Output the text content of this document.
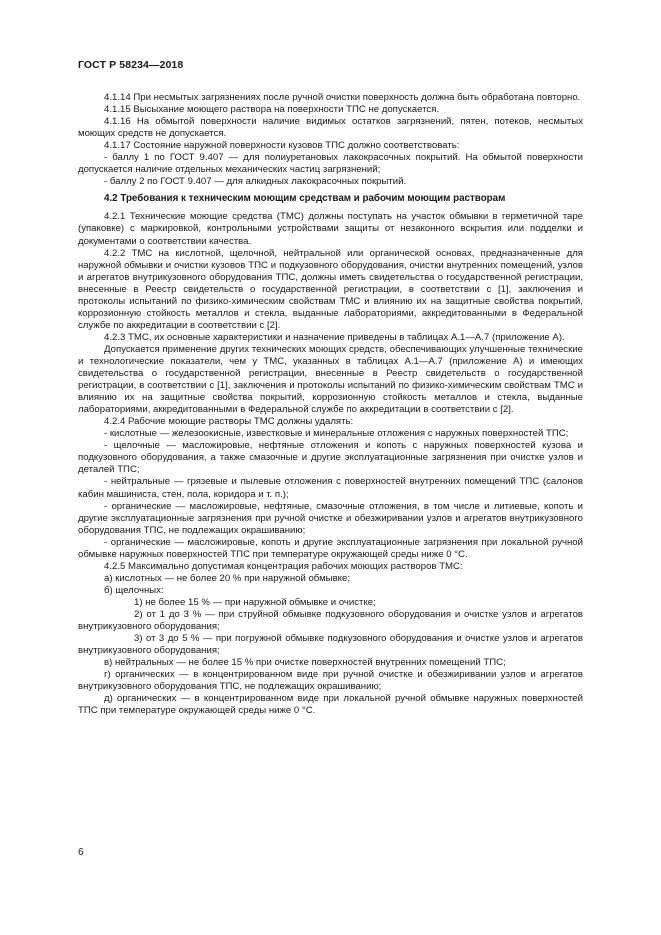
ГОСТ Р 58234—2018

4.1.14 При несмытых загрязнениях после ручной очистки поверхность должна быть обработана повторно.

4.1.15 Высыхание моющего раствора на поверхности ТПС не допускается.

4.1.16 На обмытой поверхности наличие видимых остатков загрязнений, пятен, потеков, несмытых моющих средств не допускается.

4.1.17 Состояние наружной поверхности кузовов ТПС должно соответствовать:

- баллу 1 по ГОСТ 9.407 — для полиуретановых лакокрасочных покрытий. На обмытой поверхности допускается наличие отдельных механических частиц загрязнений;

- баллу 2 по ГОСТ 9.407 — для алкидных лакокрасочных покрытий.

4.2 Требования к техническим моющим средствам и рабочим моющим растворам

4.2.1 Технические моющие средства (ТМС) должны поступать на участок обмывки в герметичной таре (упаковке) с маркировкой, контрольными устройствами защиты от незаконного вскрытия или подделки и документами о соответствии качества.

4.2.2 ТМС на кислотной, щелочной, нейтральной или органической основах, предназначенные для наружной обмывки и очистки кузовов ТПС и подкузовного оборудования, очистки внутренних помещений, узлов и агрегатов внутрикузовного оборудования ТПС, должны иметь свидетельства о государственной регистрации, внесенные в Реестр свидетельств о государственной регистрации, в соответствии с [1], заключения и протоколы испытаний по физико-химическим свойствам ТМС и влиянию их на защитные свойства покрытий, коррозионную стойкость металлов и стекла, выданные лабораториями, аккредитованными в Федеральной службе по аккредитации в соответствии с [2].

4.2.3 ТМС, их основные характеристики и назначение приведены в таблицах А.1—А.7 (приложение А).

Допускается применение других технических моющих средств, обеспечивающих улучшенные технические и технологические показатели, чем у ТМС, указанных в таблицах А.1—А.7 (приложение А) и имеющих свидетельства о государственной регистрации, внесенные в Реестр свидетельств о государственной регистрации, в соответствии с [1], заключения и протоколы испытаний по физико-химическим свойствам ТМС и влиянию их на защитные свойства покрытий, коррозионную стойкость металлов и стекла, выданные лабораториями, аккредитованными в Федеральной службе по аккредитации в соответствии с [2].

4.2.4 Рабочие моющие растворы ТМС должны удалять:

- кислотные — железоокисные, известковые и минеральные отложения с наружных поверхностей ТПС;

- щелочные — масложировые, нефтяные отложения и копоть с наружных поверхностей кузова и подкузовного оборудования, а также смазочные и другие эксплуатационные загрязнения при очистке узлов и деталей ТПС;

- нейтральные — грязевые и пылевые отложения с поверхностей внутренних помещений ТПС (салонов кабин машиниста, стен, пола, коридора и т. п.);

- органические — масложировые, нефтяные, смазочные отложения, в том числе и литиевые, копоть и другие эксплуатационные загрязнения при ручной очистке и обезжиривании узлов и агрегатов внутрикузовного оборудования ТПС, не подлежащих окрашиванию;

- органические — масложировые, копоть и другие эксплуатационные загрязнения при локальной ручной обмывке наружных поверхностей ТПС при температуре окружающей среды ниже 0 °С.

4.2.5 Максимально допустимая концентрация рабочих моющих растворов ТМС:

а) кислотных — не более 20 % при наружной обмывке;

б) щелочных:

1) не более 15 % — при наружной обмывке и очистке;

2) от 1 до 3 % — при струйной обмывке подкузовного оборудования и очистке узлов и агрегатов внутрикузовного оборудования;

3) от 3 до 5 % — при погружной обмывке подкузовного оборудования и очистке узлов и агрегатов внутрикузовного оборудования;

в) нейтральных — не более 15 % при очистке поверхностей внутренних помещений ТПС;

г) органических — в концентрированном виде при ручной очистке и обезжиривании узлов и агрегатов внутрикузовного оборудования ТПС, не подлежащих окрашиванию;

д) органических — в концентрированном виде при локальной ручной обмывке наружных поверхностей ТПС при температуре окружающей среды ниже 0 °С.

6
